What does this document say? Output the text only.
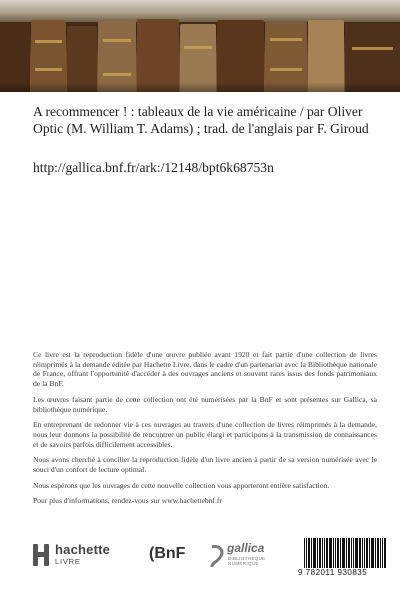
A recommencer ! : tableaux de la vie américaine / par Oliver Optic (M. William T. Adams) ; trad. de l'anglais par F. Giroud
http://gallica.bnf.fr/ark:/12148/bpt6k68753n

Ce livre est la reproduction fidèle d'une œuvre publiée avant 1920 et fait partie d'une collection de livres réimprimés à la demande éditée par Hachette Livre, dans le cadre d'un partenariat avec la Bibliothèque nationale de France, offrant l'opportunité d'accéder à des ouvrages anciens et souvent rares issus des fonds patrimoniaux de la BnF.

Les œuvres faisant partie de cette collection ont été numérisées par la BnF et sont présentes sur Gallica, sa bibliothèque numérique.

En entreprenant de redonner vie à ces ouvrages au travers d'une collection de livres réimprimés à la demande, nous leur donnons la possibilité de rencontrer un public élargi et participons à la transmission de connaissances et de savoirs parfois difficilement accessibles.

Nous avons cherché à concilier la reproduction fidèle d'un livre ancien à partir de sa version numérisée avec le souci d'un confort de lecture optimal.

Nous espérons que les ouvrages de cette nouvelle collection vous apporteront entière satisfaction.

Pour plus d'informations, rendez-vous sur www.hachettebnf.fr

hachette
LIVRE	(BnF	gallica
BIBLIOTHÈQUE NUMÉRIQUE
9 782011 930835
